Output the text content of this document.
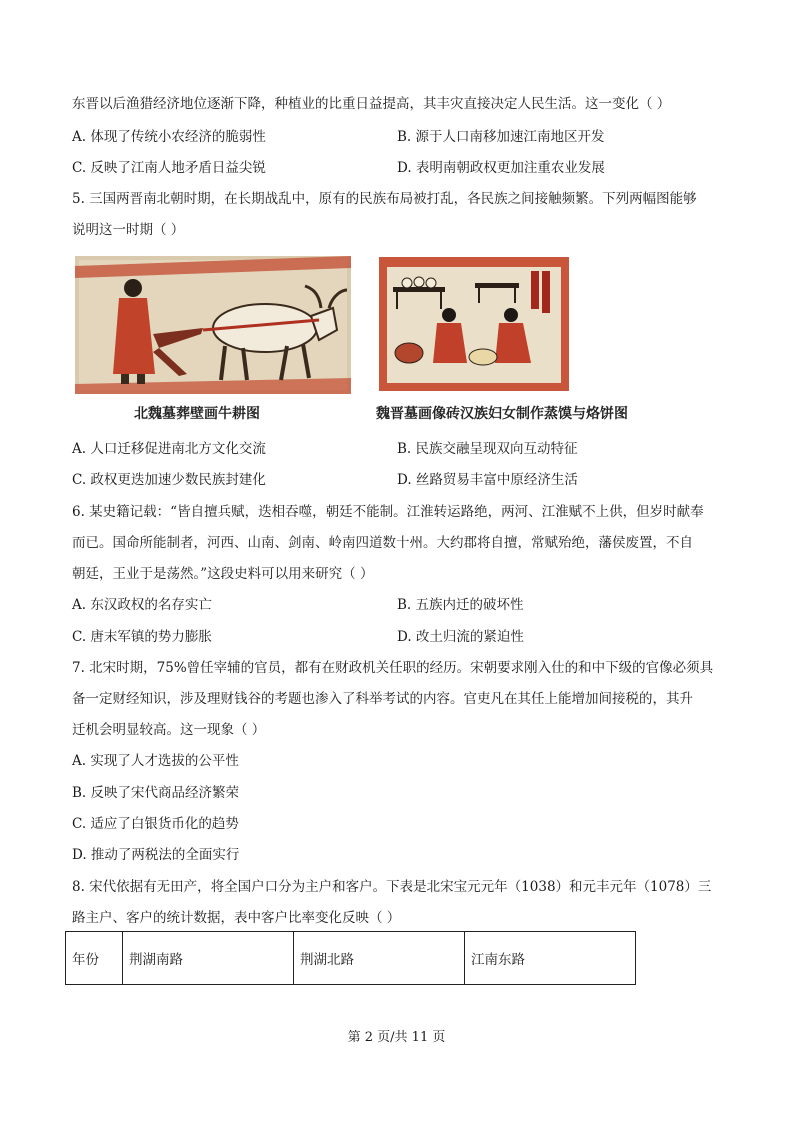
东晋以后渔猎经济地位逐渐下降，种植业的比重日益提高，其丰灾直接决定人民生活。这一变化（ ）
A. 体现了传统小农经济的脆弱性	B. 源于人口南移加速江南地区开发
C. 反映了江南人地矛盾日益尖锐	D. 表明南朝政权更加注重农业发展
5. 三国两晋南北朝时期，在长期战乱中，原有的民族布局被打乱，各民族之间接触频繁。下列两幅图能够
说明这一时期（ ）
北魏墓葬壁画牛耕图	魏晋墓画像砖汉族妇女制作蒸馍与烙饼图
A. 人口迁移促进南北方文化交流	B. 民族交融呈现双向互动特征
C. 政权更迭加速少数民族封建化	D. 丝路贸易丰富中原经济生活
6. 某史籍记载：“皆自擅兵赋，迭相吞噬，朝廷不能制。江淮转运路绝，两河、江淮赋不上供，但岁时献奉
而已。国命所能制者，河西、山南、剑南、岭南四道数十州。大约郡将自擅，常赋殆绝，藩侯废置，不自
朝廷，王业于是荡然。”这段史料可以用来研究（ ）
A. 东汉政权的名存实亡	B. 五族内迁的破坏性
C. 唐末军镇的势力膨胀	D. 改土归流的紧迫性
7. 北宋时期，75%曾任宰辅的官员，都有在财政机关任职的经历。宋朝要求刚入仕的和中下级的官像必须具
备一定财经知识，涉及理财钱谷的考题也渗入了科举考试的内容。官吏凡在其任上能增加间接税的，其升
迁机会明显较高。这一现象（ ）
A. 实现了人才选拔的公平性
B. 反映了宋代商品经济繁荣
C. 适应了白银货币化的趋势
D. 推动了两税法的全面实行
8. 宋代依据有无田产，将全国户口分为主户和客户。下表是北宋宝元元年（1038）和元丰元年（1078）三
路主户、客户的统计数据，表中客户比率变化反映（ ）
年份	荆湖南路	荆湖北路	江南东路
第 2 页/共 11 页
